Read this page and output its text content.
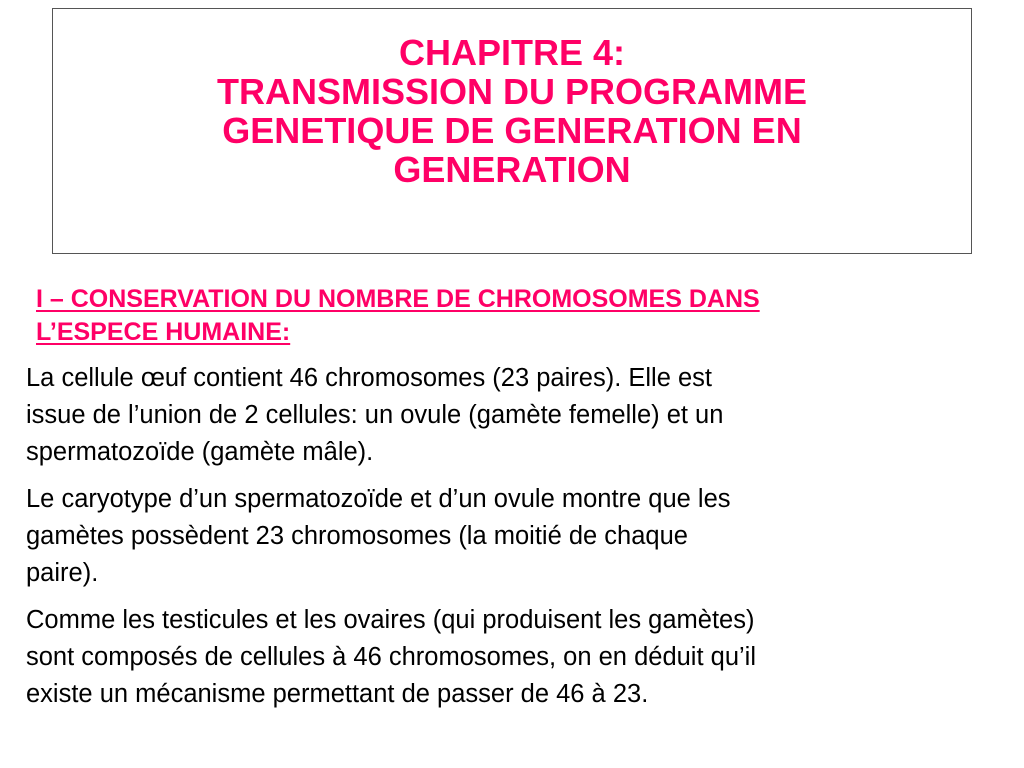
CHAPITRE 4:
TRANSMISSION DU PROGRAMME
GENETIQUE DE GENERATION EN
GENERATION
I – CONSERVATION DU NOMBRE DE CHROMOSOMES DANS
L’ESPECE HUMAINE:
La cellule œuf contient 46 chromosomes (23 paires). Elle est
issue de l’union de 2 cellules: un ovule (gamète femelle) et un
spermatozoïde (gamète mâle).
Le caryotype d’un spermatozoïde et d’un ovule montre que les
gamètes possèdent 23 chromosomes (la moitié de chaque
paire).
Comme les testicules et les ovaires (qui produisent les gamètes)
sont composés de cellules à 46 chromosomes, on en déduit qu’il
existe un mécanisme permettant de passer de 46 à 23.
